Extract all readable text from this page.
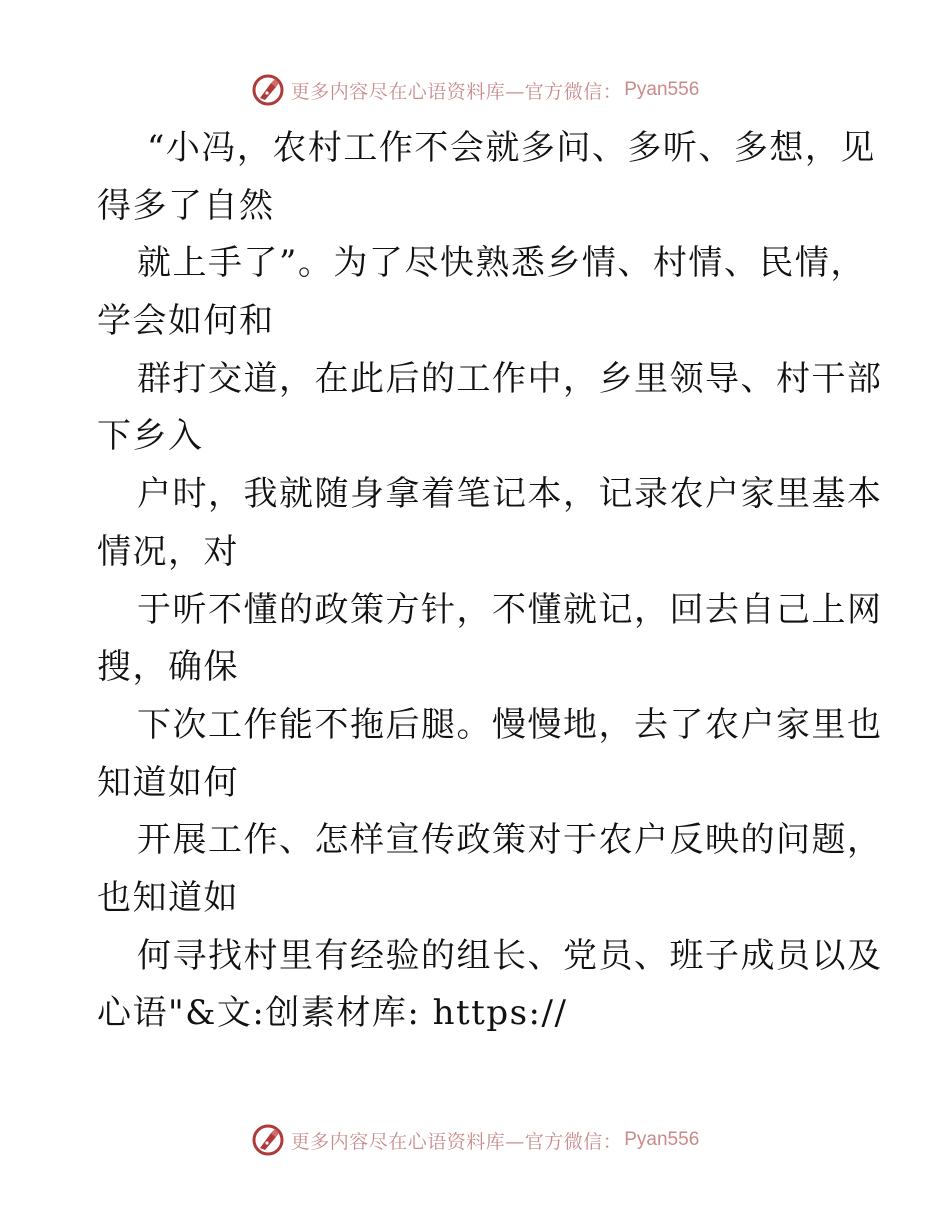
更多内容尽在心语资料库—官方微信： Pyan556
“小冯，农村工作不会就多问、多听、多想，见
得多了自然
就上手了”。为了尽快熟悉乡情、村情、民情，
学会如何和
群打交道，在此后的工作中，乡里领导、村干部
下乡入
户时，我就随身拿着笔记本，记录农户家里基本
情况，对
于听不懂的政策方针，不懂就记，回去自己上网
搜，确保
下次工作能不拖后腿。慢慢地，去了农户家里也
知道如何
开展工作、怎样宣传政策对于农户反映的问题，
也知道如
何寻找村里有经验的组长、党员、班子成员以及
心语"&文:创素材库: https://
更多内容尽在心语资料库—官方微信： Pyan556
